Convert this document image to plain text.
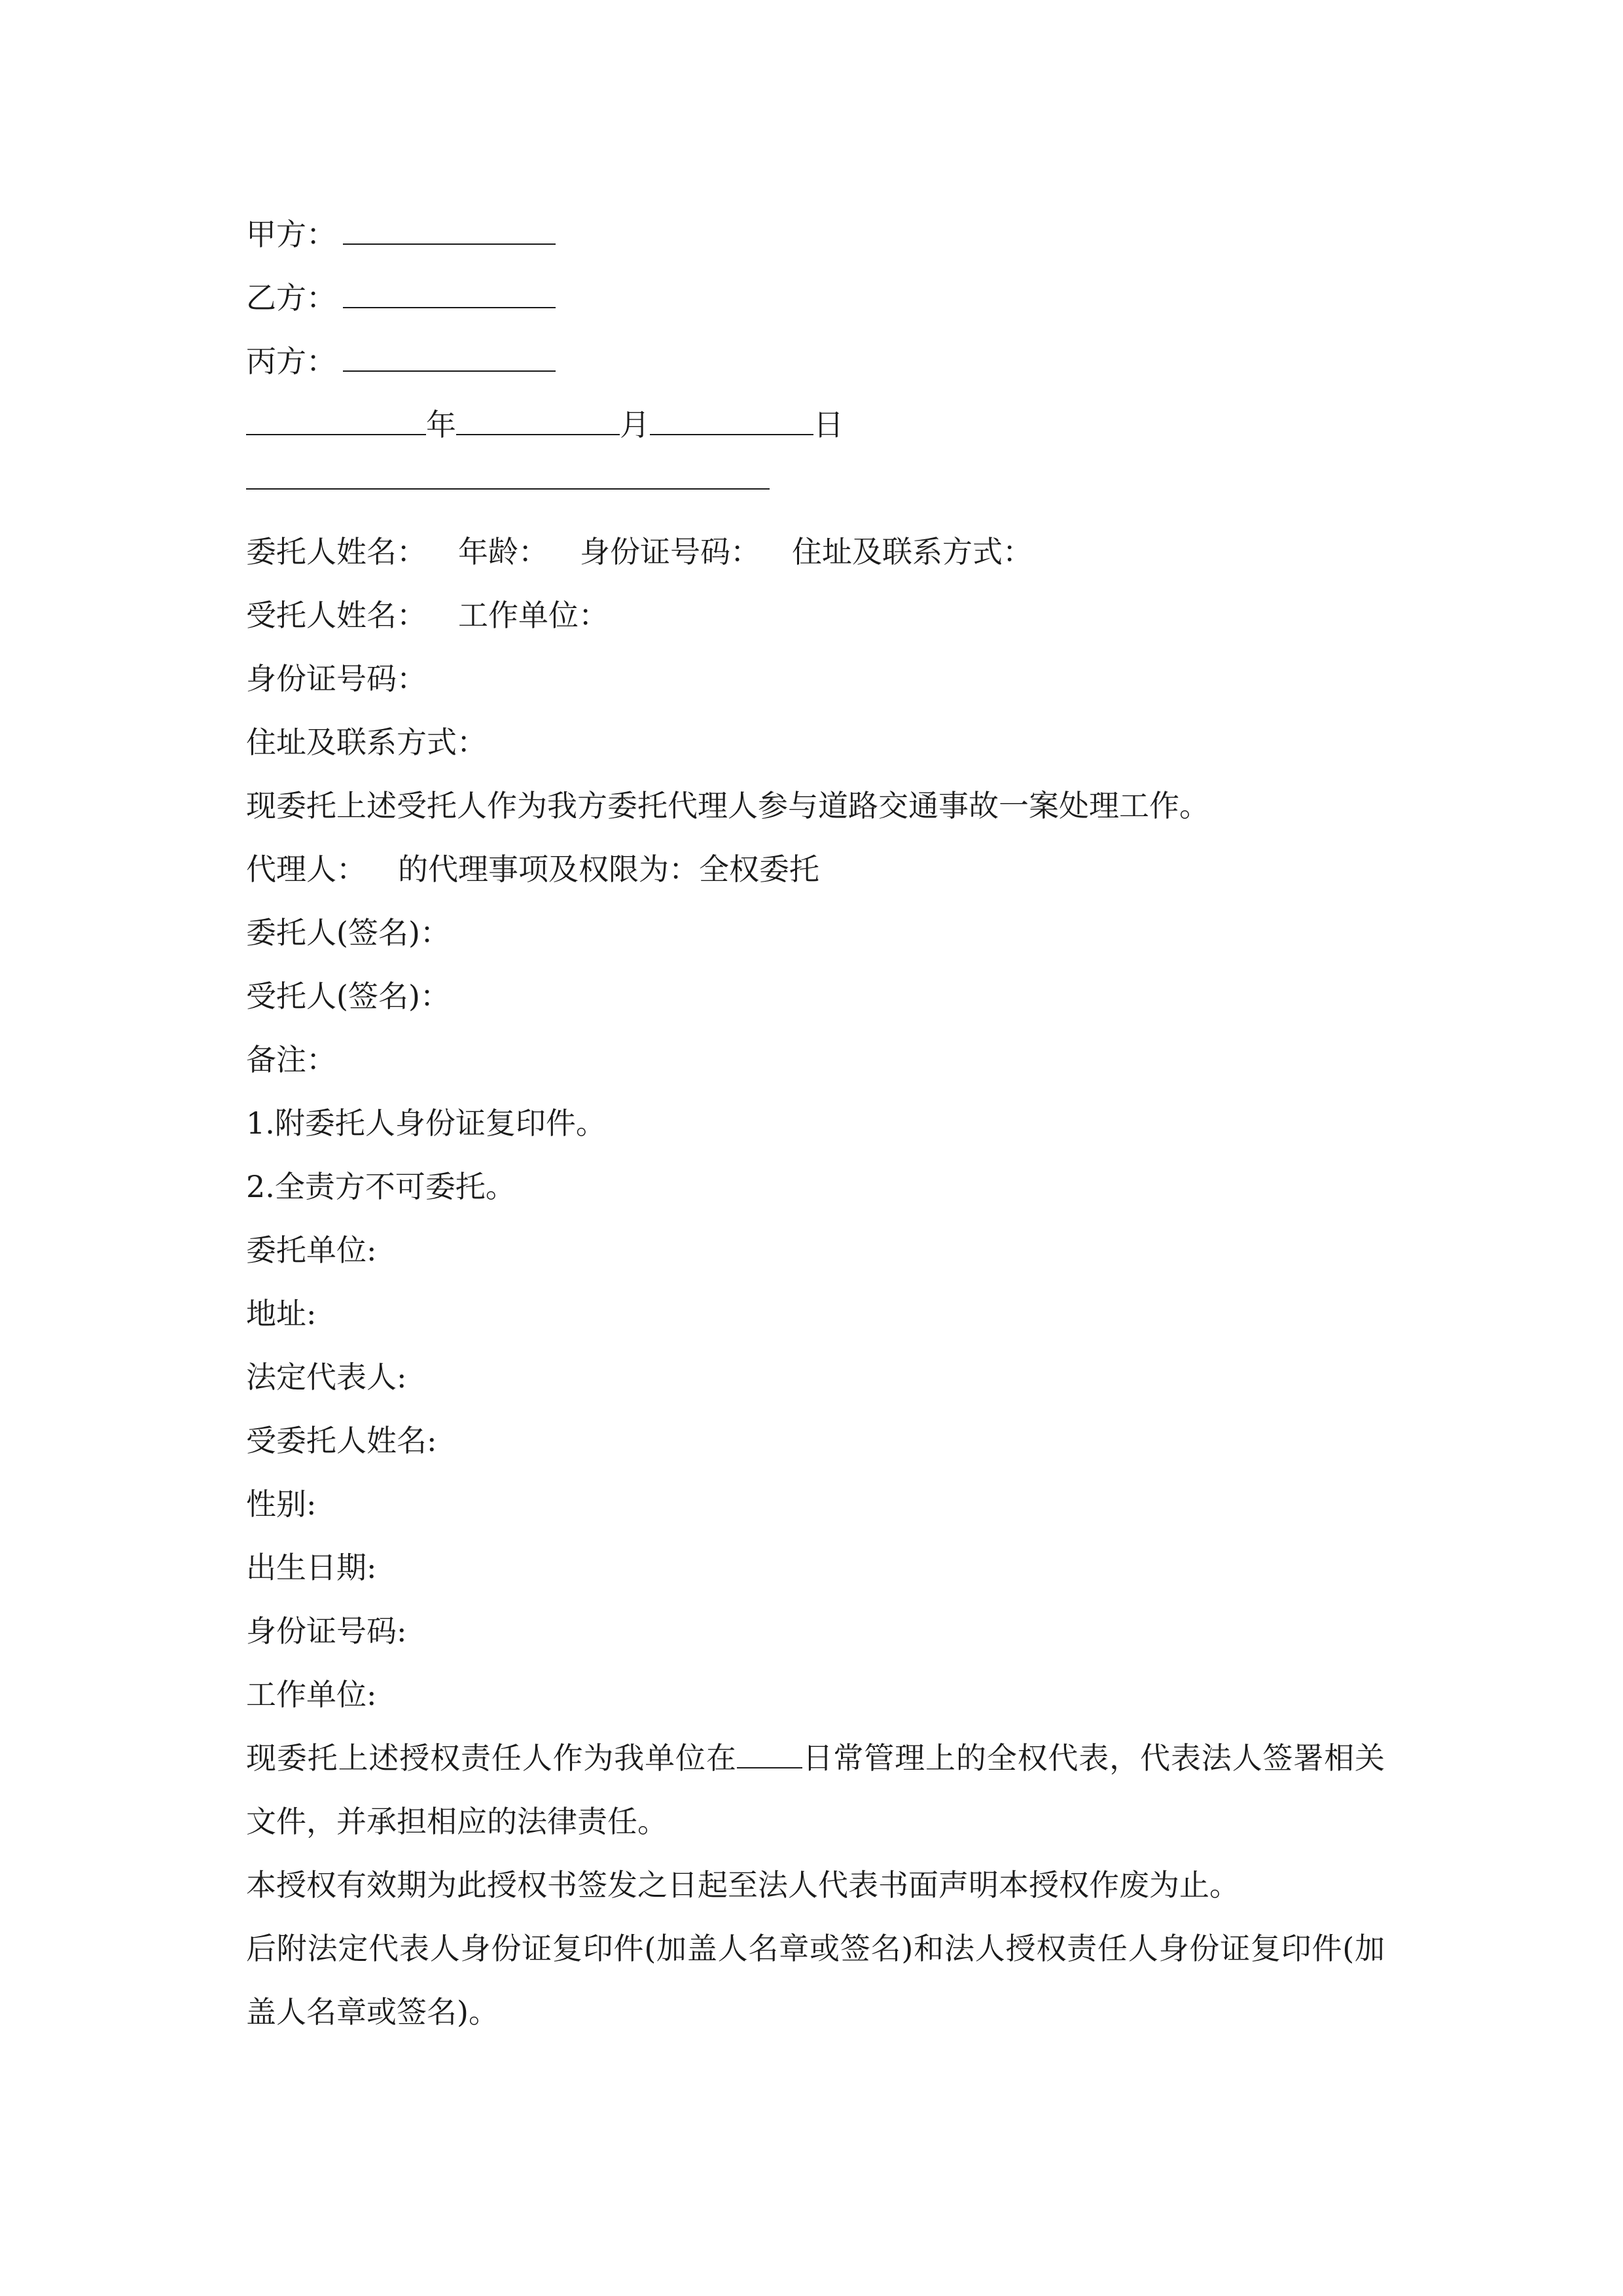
甲方：
乙方：
丙方：
年	月	日
委托人姓名： 年龄： 身份证号码： 住址及联系方式：
受托人姓名： 工作单位：
身份证号码：
住址及联系方式：
现委托上述受托人作为我方委托代理人参与道路交通事故一案处理工作。
代理人： 的代理事项及权限为：全权委托
委托人(签名)：
受托人(签名)：
备注：
1.附委托人身份证复印件。
2.全责方不可委托。
委托单位:
地址:
法定代表人:
受委托人姓名:
性别:
出生日期:
身份证号码:
工作单位:
现委托上述授权责任人作为我单位在 日常管理上的全权代表，代表法人签署相关文件，并承担相应的法律责任。
本授权有效期为此授权书签发之日起至法人代表书面声明本授权作废为止。
后附法定代表人身份证复印件(加盖人名章或签名)和法人授权责任人身份证复印件(加盖人名章或签名)。
